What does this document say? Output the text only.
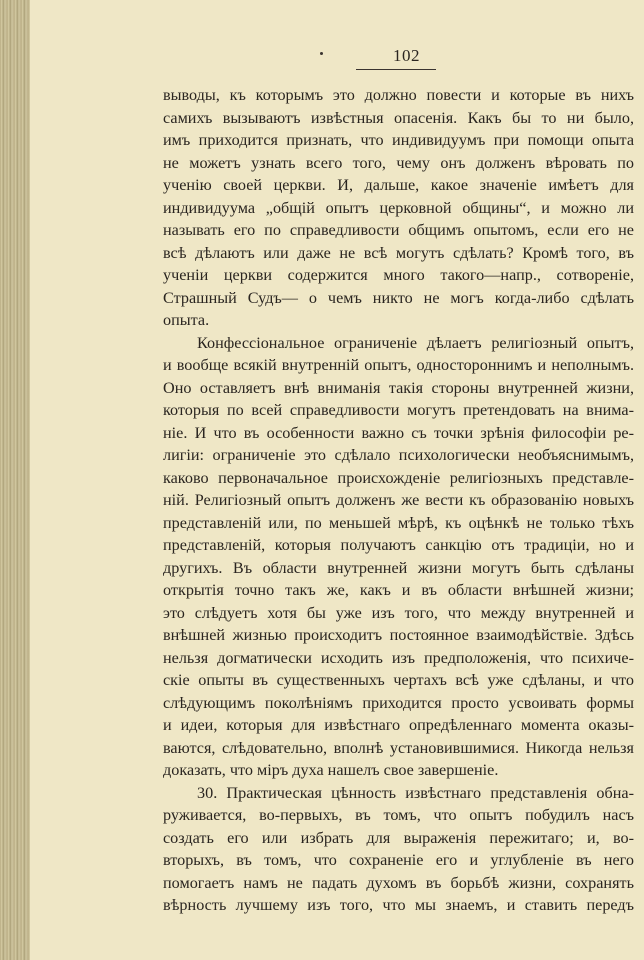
102
выводы, къ которымъ это должно повести и которые въ нихъ
самихъ вызываютъ извѣстныя опасенія. Какъ бы то ни было,
имъ приходится признать, что индивидуумъ при помощи опыта
не можетъ узнать всего того, чему онъ долженъ вѣровать по
ученію своей церкви. И, дальше, какое значеніе имѣетъ для
индивидуума „общій опытъ церковной общины“, и можно ли
называть его по справедливости общимъ опытомъ, если его не
всѣ дѣлаютъ или даже не всѣ могутъ сдѣлать? Кромѣ того, въ
ученіи церкви содержится много такого—напр., сотвореніе,
Страшный Судъ— о чемъ никто не могъ когда-либо сдѣлать
опыта.
Конфессіональное ограниченіе дѣлаетъ религіозный опытъ,
и вообще всякій внутренній опытъ, одностороннимъ и неполнымъ.
Оно оставляетъ внѣ вниманія такія стороны внутренней жизни,
которыя по всей справедливости могутъ претендовать на внима-
ніе. И что въ особенности важно съ точки зрѣнія философіи ре-
лигіи: ограниченіе это сдѣлало психологически необъяснимымъ,
каково первоначальное происхожденіе религіозныхъ представле-
ній. Религіозный опытъ долженъ же вести къ образованію новыхъ
представленій или, по меньшей мѣрѣ, къ оцѣнкѣ не только тѣхъ
представленій, которыя получаютъ санкцію отъ традиціи, но и
другихъ. Въ области внутренней жизни могутъ быть сдѣланы
открытія точно такъ же, какъ и въ области внѣшней жизни;
это слѣдуетъ хотя бы уже изъ того, что между внутренней и
внѣшней жизнью происходитъ постоянное взаимодѣйствіе. Здѣсь
нельзя догматически исходить изъ предположенія, что психиче-
скіе опыты въ существенныхъ чертахъ всѣ уже сдѣланы, и что
слѣдующимъ поколѣніямъ приходится просто усвоивать формы
и идеи, которыя для извѣстнаго опредѣленнаго момента оказы-
ваются, слѣдовательно, вполнѣ установившимися. Никогда нельзя
доказать, что міръ духа нашелъ свое завершеніе.
30. Практическая цѣнность извѣстнаго представленія обна-
руживается, во-первыхъ, въ томъ, что опытъ побудилъ насъ
создать его или избрать для выраженія пережитаго; и, во-
вторыхъ, въ томъ, что сохраненіе его и углубленіе въ него
помогаетъ намъ не падать духомъ въ борьбѣ жизни, сохранять
вѣрность лучшему изъ того, что мы знаемъ, и ставить передъ
